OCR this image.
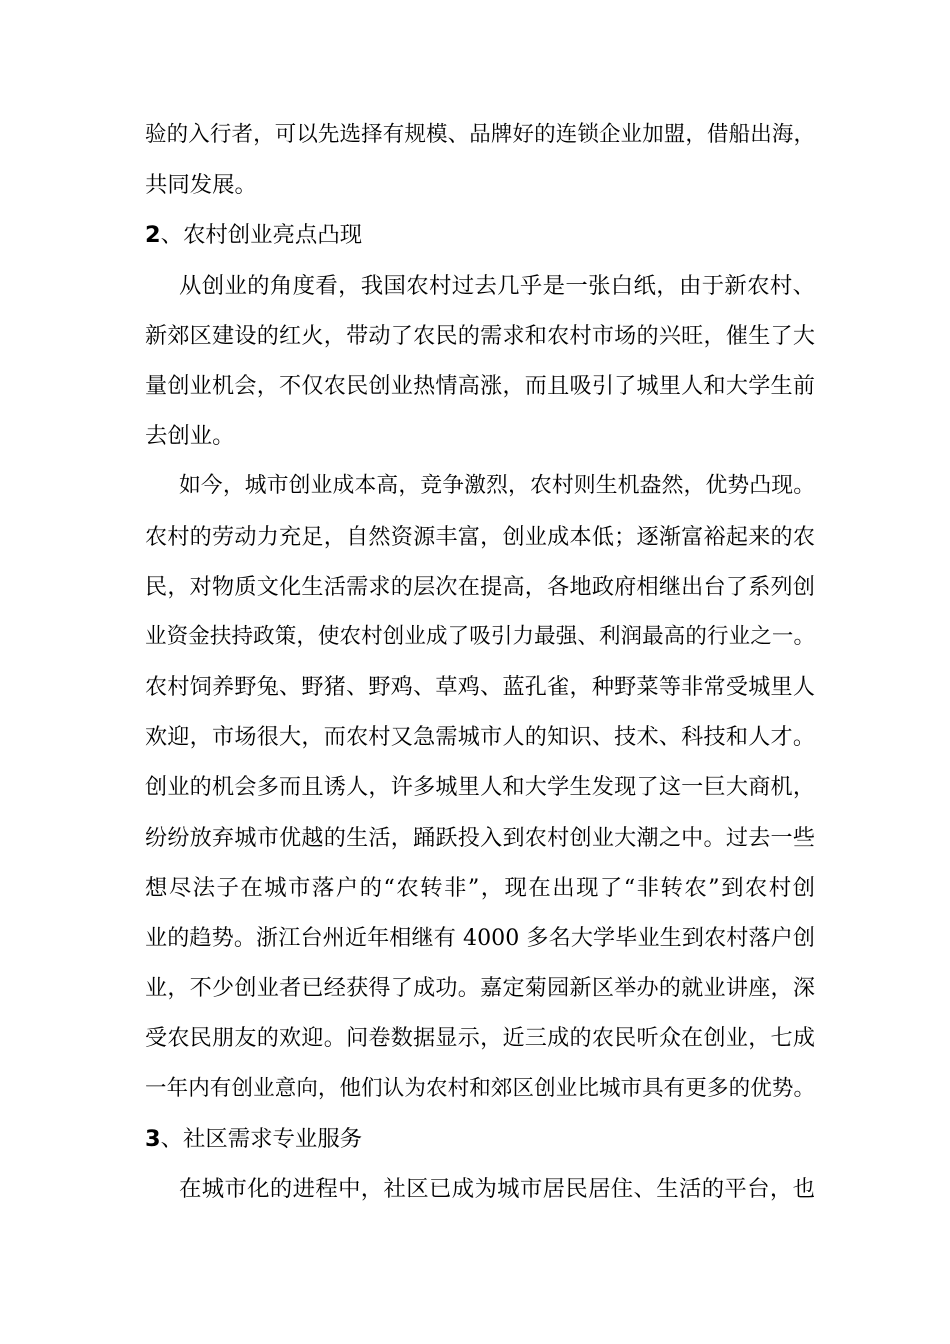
验的入行者，可以先选择有规模、品牌好的连锁企业加盟，借船出海，
共同发展。
2、农村创业亮点凸现
从创业的角度看，我国农村过去几乎是一张白纸，由于新农村、
新郊区建设的红火，带动了农民的需求和农村市场的兴旺，催生了大
量创业机会，不仅农民创业热情高涨，而且吸引了城里人和大学生前
去创业。
如今，城市创业成本高，竞争激烈，农村则生机盎然，优势凸现。
农村的劳动力充足，自然资源丰富，创业成本低；逐渐富裕起来的农
民，对物质文化生活需求的层次在提高，各地政府相继出台了系列创
业资金扶持政策，使农村创业成了吸引力最强、利润最高的行业之一。
农村饲养野兔、野猪、野鸡、草鸡、蓝孔雀，种野菜等非常受城里人
欢迎，市场很大，而农村又急需城市人的知识、技术、科技和人才。
创业的机会多而且诱人，许多城里人和大学生发现了这一巨大商机，
纷纷放弃城市优越的生活，踊跃投入到农村创业大潮之中。过去一些
想尽法子在城市落户的“农转非”，现在出现了“非转农”到农村创
业的趋势。浙江台州近年相继有 4000 多名大学毕业生到农村落户创
业，不少创业者已经获得了成功。嘉定菊园新区举办的就业讲座，深
受农民朋友的欢迎。问卷数据显示，近三成的农民听众在创业，七成
一年内有创业意向，他们认为农村和郊区创业比城市具有更多的优势。
3、社区需求专业服务
在城市化的进程中，社区已成为城市居民居住、生活的平台，也
